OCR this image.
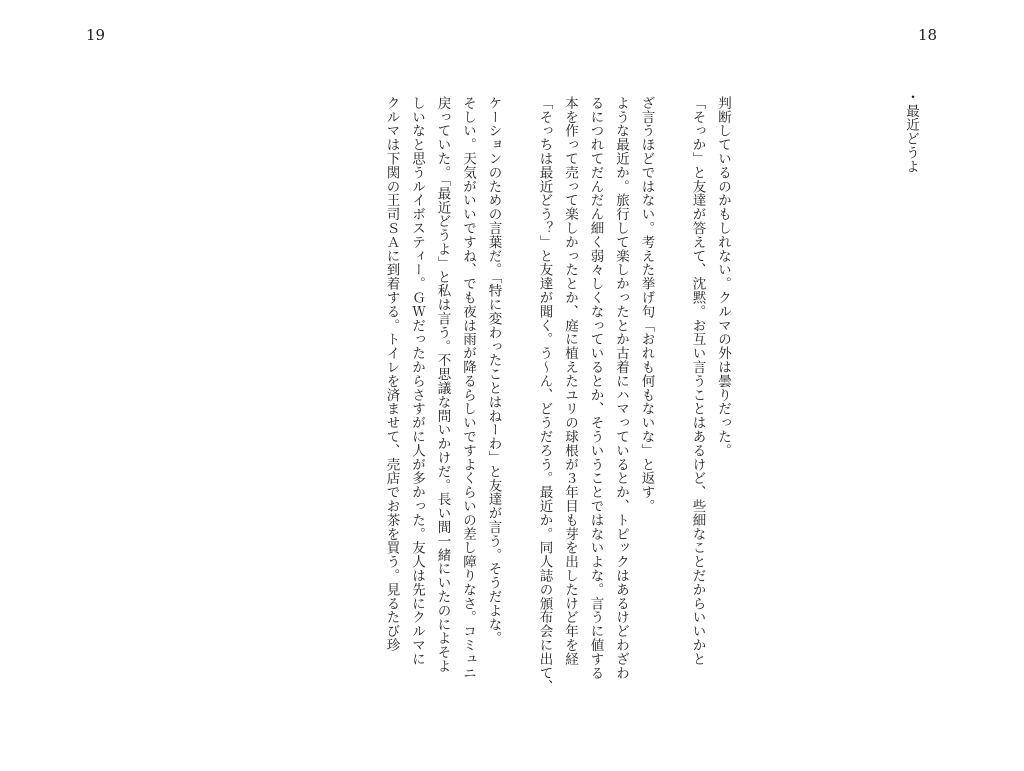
19	18
・最近どうよ

判断しているのかもしれない。クルマの外は曇りだった。

「そっか」と友達が答えて、沈黙。お互い言うことはあるけど、些細なことだからいいかと

ざ言うほどではない。考えた挙げ句「おれも何もないな」と返す。

ような最近か。旅行して楽しかったとか古着にハマっているとか、トピックはあるけどわざわ

るにつれてだんだん細く弱々しくなっているとか、そういうことではないよな。言うに値する

本を作って売って楽しかったとか、庭に植えたユリの球根が３年目も芽を出したけど年を経

「そっちは最近どう？」と友達が聞く。う〜ん、どうだろう。最近か。同人誌の頒布会に出て、

ケーションのための言葉だ。「特に変わったことはねーわ」と友達が言う。そうだよな。

そしい。天気がいいですね、でも夜は雨が降るらしいですよくらいの差し障りなさ。コミュニ

戻っていた。「最近どうよ」と私は言う。不思議な問いかけだ。長い間一緒にいたのによそよ

しいなと思うルイボスティー。ＧＷだったからさすがに人が多かった。友人は先にクルマに

クルマは下関の王司ＳＡに到着する。トイレを済ませて、売店でお茶を買う。見るたび珍
